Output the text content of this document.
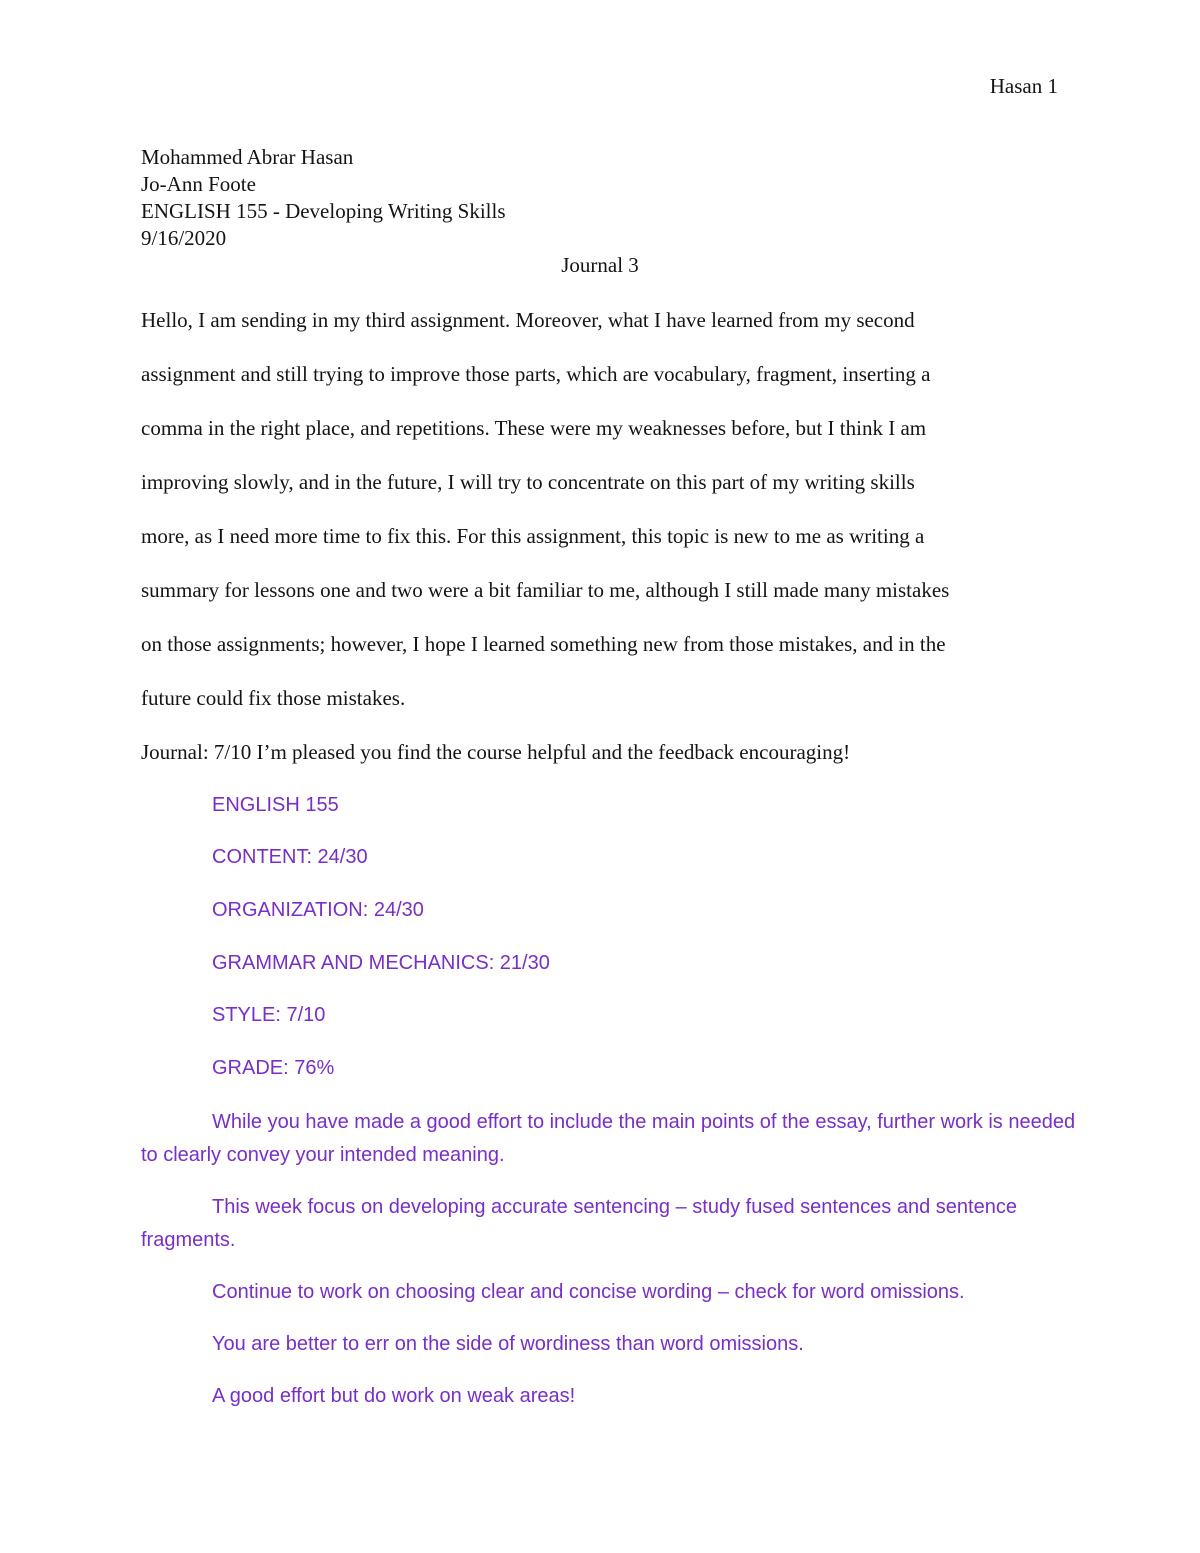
Hasan 1
Mohammed Abrar Hasan
Jo-Ann Foote
ENGLISH 155 - Developing Writing Skills
9/16/2020
Journal 3
Hello, I am sending in my third assignment. Moreover, what I have learned from my second
assignment and still trying to improve those parts, which are vocabulary, fragment, inserting a
comma in the right place, and repetitions. These were my weaknesses before, but I think I am
improving slowly, and in the future, I will try to concentrate on this part of my writing skills
more, as I need more time to fix this. For this assignment, this topic is new to me as writing a
summary for lessons one and two were a bit familiar to me, although I still made many mistakes
on those assignments; however, I hope I learned something new from those mistakes, and in the
future could fix those mistakes.
Journal: 7/10 I’m pleased you find the course helpful and the feedback encouraging!
ENGLISH 155
CONTENT: 24/30
ORGANIZATION: 24/30
GRAMMAR AND MECHANICS: 21/30
STYLE: 7/10
GRADE: 76%
While you have made a good effort to include the main points of the essay, further work is needed to clearly convey your intended meaning.
This week focus on developing accurate sentencing – study fused sentences and sentence fragments.
Continue to work on choosing clear and concise wording – check for word omissions.
You are better to err on the side of wordiness than word omissions.
A good effort but do work on weak areas!
